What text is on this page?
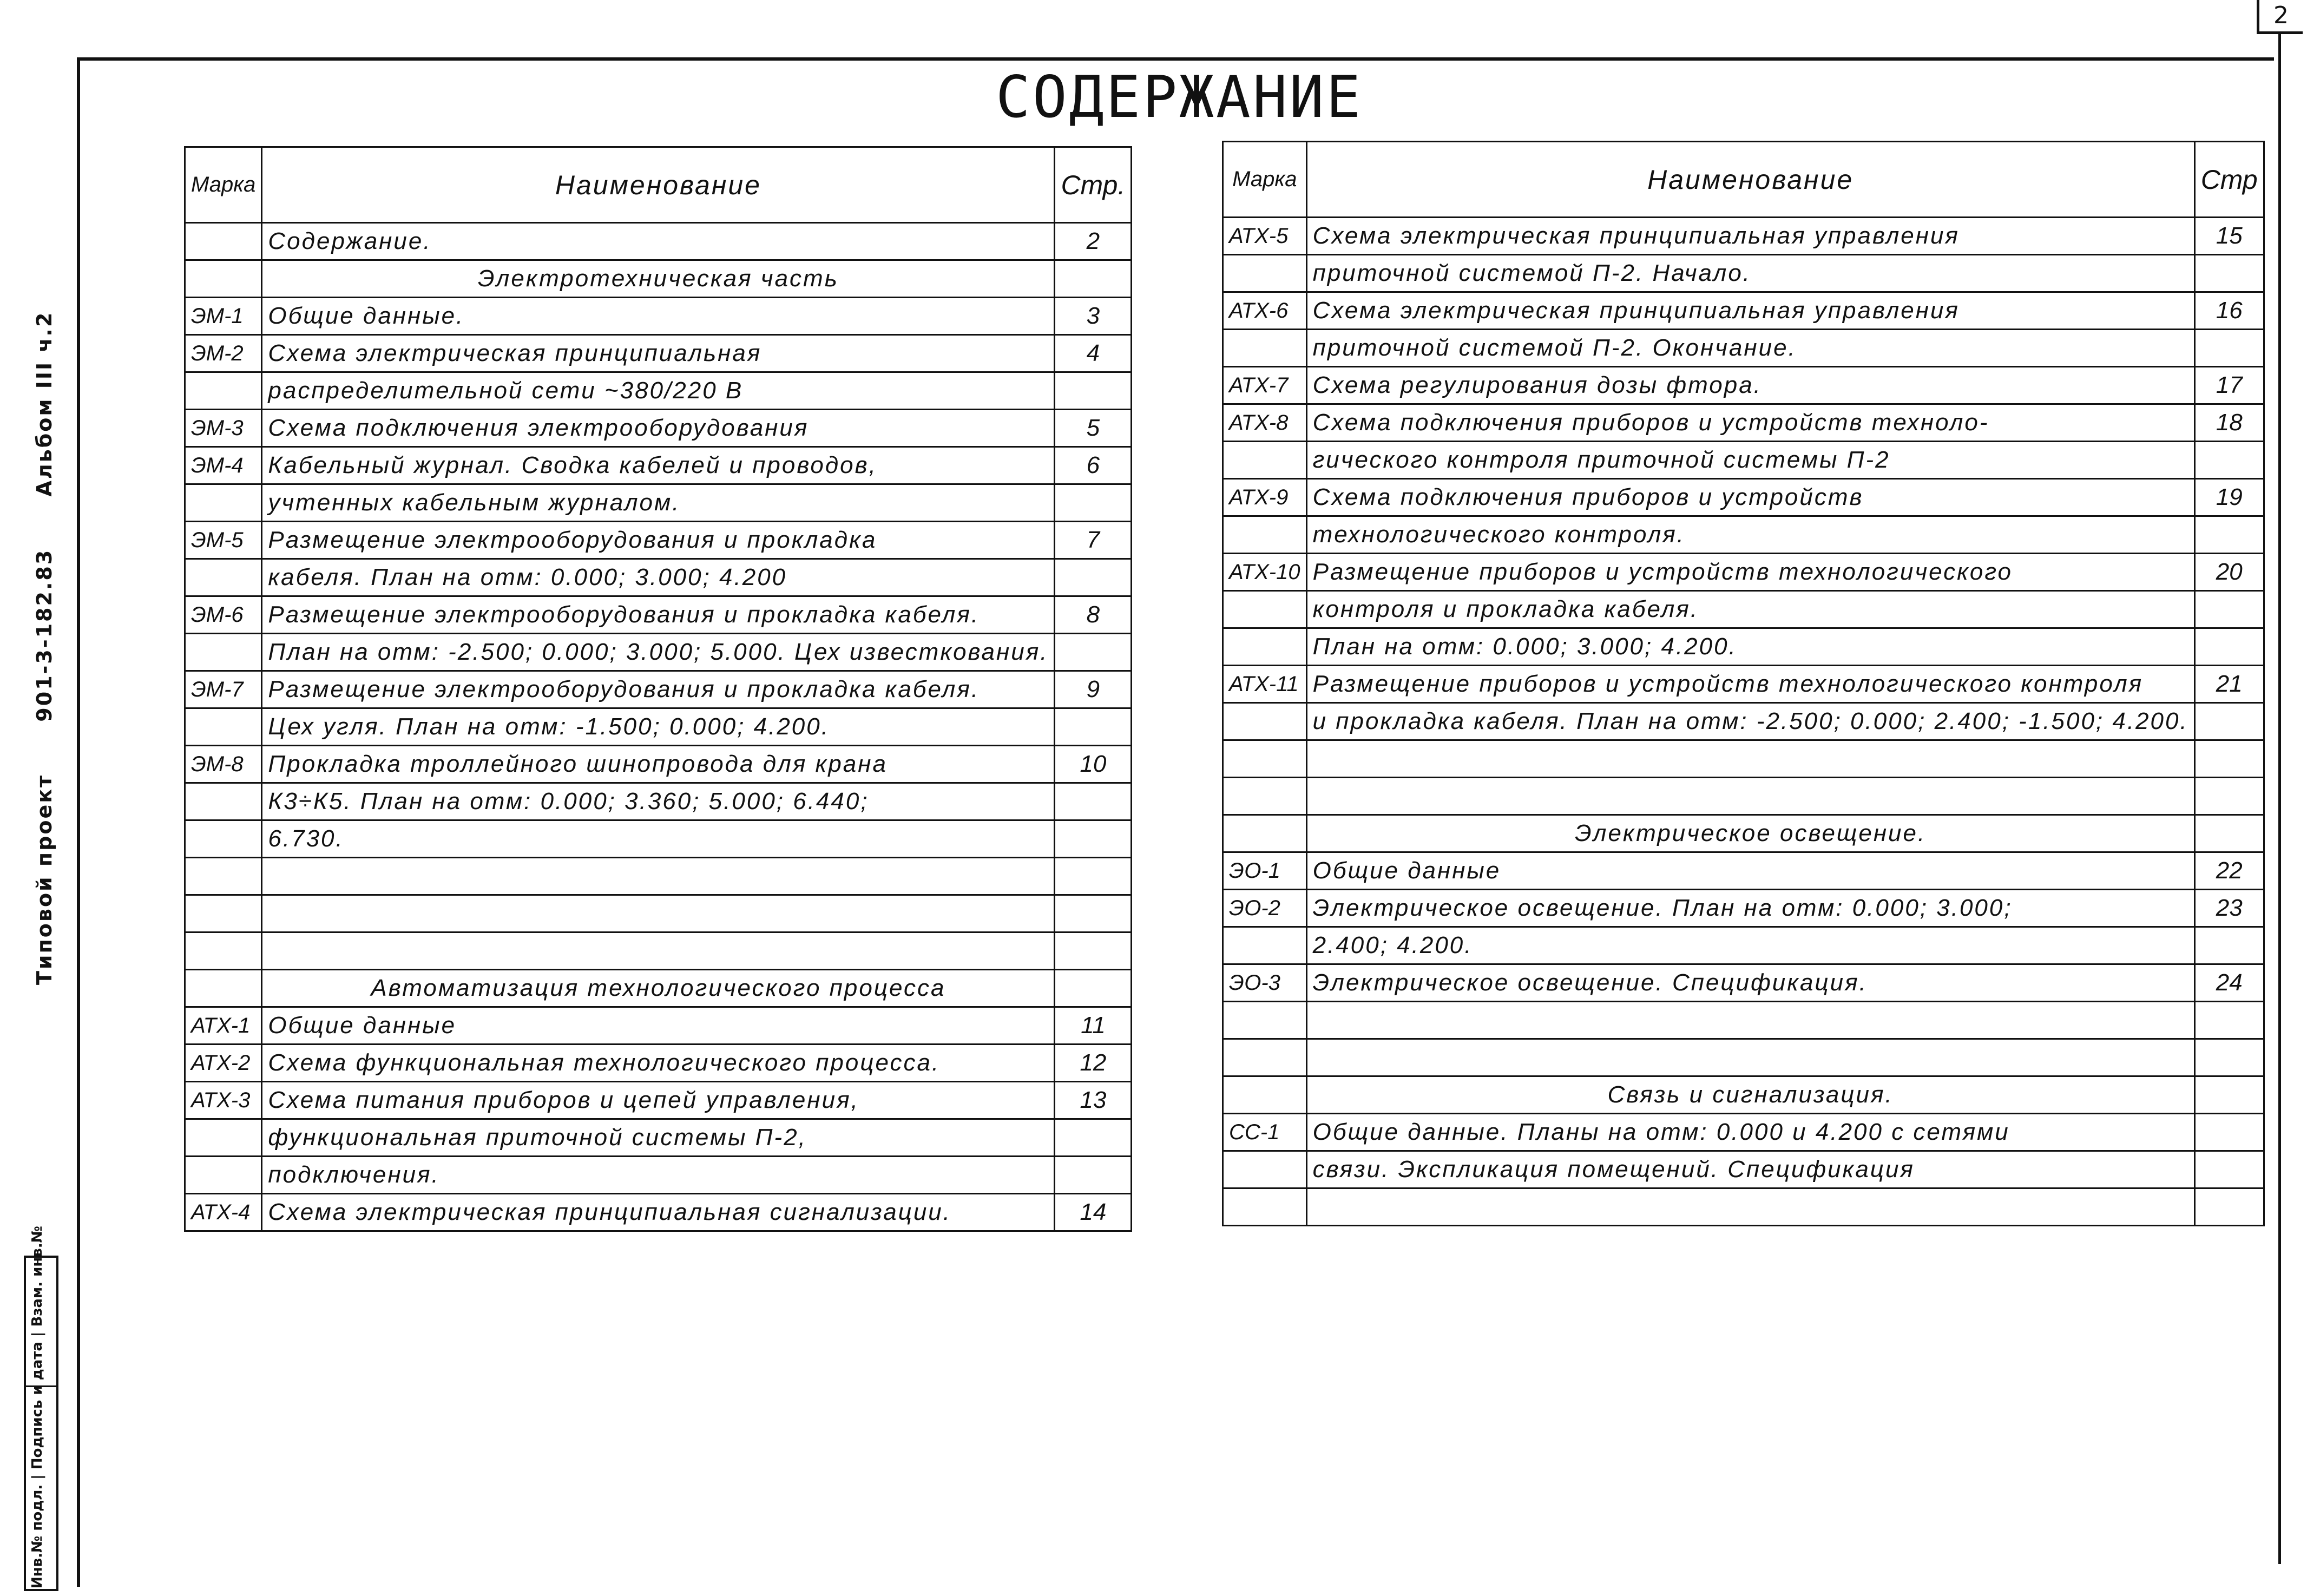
2
СОДЕРЖАНИЕ
Типовой проект 901-3-182.83 Альбом III ч.2
Инв.№ подл. | Подпись и дата | Взам. инв.№
Марка	Наименование	Стр.
	Содержание.	2
	Электротехническая часть	
ЭМ-1	Общие данные.	3
ЭМ-2	Схема электрическая принципиальная	4
	распределительной сети ~380/220 В	
ЭМ-3	Схема подключения электрооборудования	5
ЭМ-4	Кабельный журнал. Сводка кабелей и проводов,	6
	учтенных кабельным журналом.	
ЭМ-5	Размещение электрооборудования и прокладка	7
	кабеля. План на отм: 0.000; 3.000; 4.200	
ЭМ-6	Размещение электрооборудования и прокладка кабеля.	8
	План на отм: -2.500; 0.000; 3.000; 5.000. Цех известкования.	
ЭМ-7	Размещение электрооборудования и прокладка кабеля.	9
	Цех угля. План на отм: -1.500; 0.000; 4.200.	
ЭМ-8	Прокладка троллейного шинопровода для крана	10
	К3÷К5. План на отм: 0.000; 3.360; 5.000; 6.440;	
	6.730.	

	Автоматизация технологического процесса	
АТХ-1	Общие данные	11
АТХ-2	Схема функциональная технологического процесса.	12
АТХ-3	Схема питания приборов и цепей управления,	13
	функциональная приточной системы П-2,	
	подключения.	
АТХ-4	Схема электрическая принципиальная сигнализации.	14
Марка	Наименование	Стр
АТХ-5	Схема электрическая принципиальная управления	15
	приточной системой П-2. Начало.	
АТХ-6	Схема электрическая принципиальная управления	16
	приточной системой П-2. Окончание.	
АТХ-7	Схема регулирования дозы фтора.	17
АТХ-8	Схема подключения приборов и устройств техноло-	18
	гического контроля приточной системы П-2	
АТХ-9	Схема подключения приборов и устройств	19
	технологического контроля.	
АТХ-10	Размещение приборов и устройств технологического	20
	контроля и прокладка кабеля.	
	План на отм: 0.000; 3.000; 4.200.	
АТХ-11	Размещение приборов и устройств технологического контроля	21
	и прокладка кабеля. План на отм: -2.500; 0.000; 2.400; -1.500; 4.200.	

	Электрическое освещение.	
ЭО-1	Общие данные	22
ЭО-2	Электрическое освещение. План на отм: 0.000; 3.000;	23
	2.400; 4.200.	
ЭО-3	Электрическое освещение. Спецификация.	24

	Связь и сигнализация.	
СС-1	Общие данные. Планы на отм: 0.000 и 4.200 с сетями	
	связи. Экспликация помещений. Спецификация	
